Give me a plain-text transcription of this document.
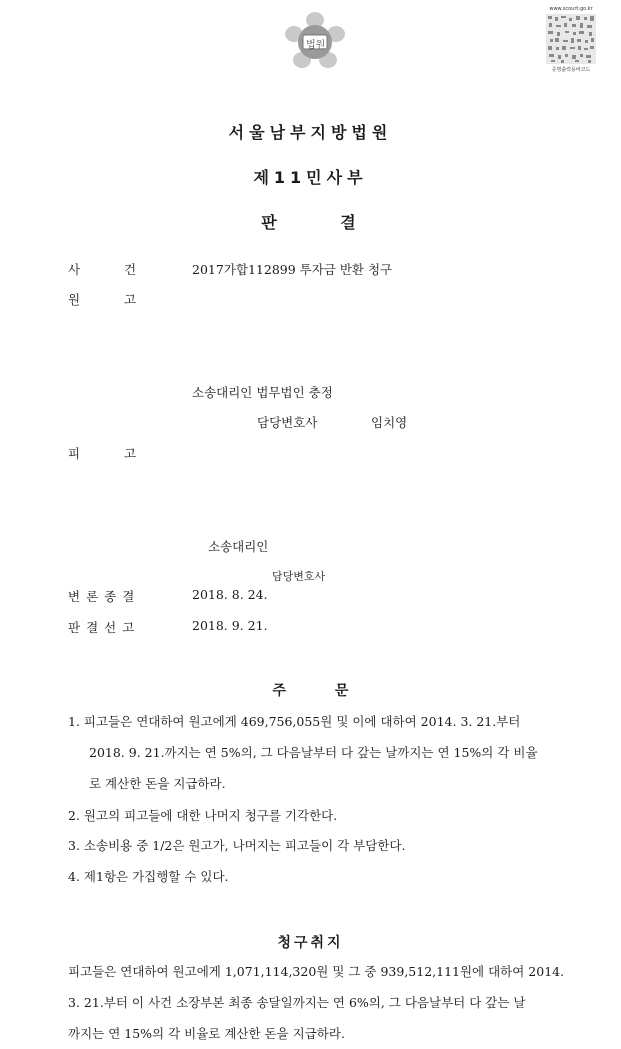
법원
www.scourt.go.kr
증명출력용바코드
서울남부지방법원
제11민사부
판 결
사 건	2017가합112899 투자금 반환 청구
원 고
소송대리인 법무법인 충정
담당변호사	임치영
피 고
소송대리인
담당변호사
변론종결	2018. 8. 24.
판결선고	2018. 9. 21.
주 문
1. 피고들은 연대하여 원고에게 469,756,055원 및 이에 대하여 2014. 3. 21.부터
2018. 9. 21.까지는 연 5%의, 그 다음날부터 다 갚는 날까지는 연 15%의 각 비율
로 계산한 돈을 지급하라.
2. 원고의 피고들에 대한 나머지 청구를 기각한다.
3. 소송비용 중 1/2은 원고가, 나머지는 피고들이 각 부담한다.
4. 제1항은 가집행할 수 있다.
청구취지
피고들은 연대하여 원고에게 1,071,114,320원 및 그 중 939,512,111원에 대하여 2014.
3. 21.부터 이 사건 소장부본 최종 송달일까지는 연 6%의, 그 다음날부터 다 갚는 날
까지는 연 15%의 각 비율로 계산한 돈을 지급하라.
